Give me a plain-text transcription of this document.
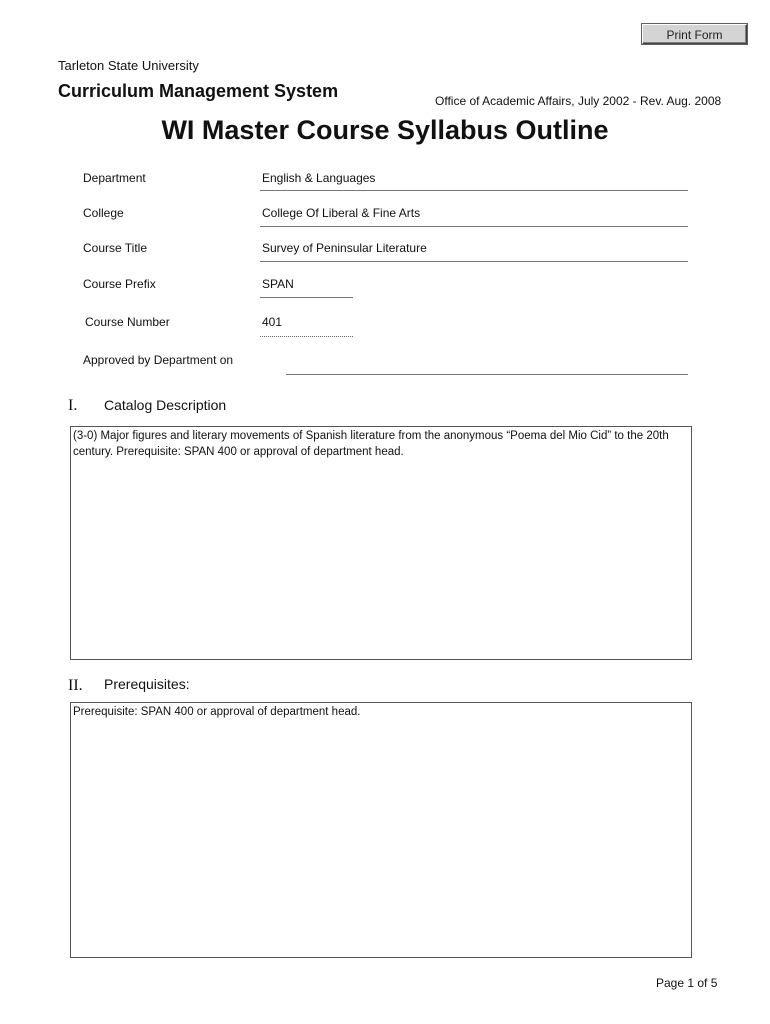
Print Form
Tarleton State University
Curriculum Management System	Office of Academic Affairs, July 2002 - Rev. Aug. 2008
WI Master Course Syllabus Outline
Department	English & Languages
College	College Of Liberal & Fine Arts
Course Title	Survey of Peninsular Literature
Course Prefix	SPAN
Course Number	401
Approved by Department on
I. Catalog Description
(3-0) Major figures and literary movements of Spanish literature from the anonymous “Poema del Mio Cid” to the 20th century. Prerequisite: SPAN 400 or approval of department head.
II. Prerequisites:
Prerequisite: SPAN 400 or approval of department head.
Page 1 of 5
